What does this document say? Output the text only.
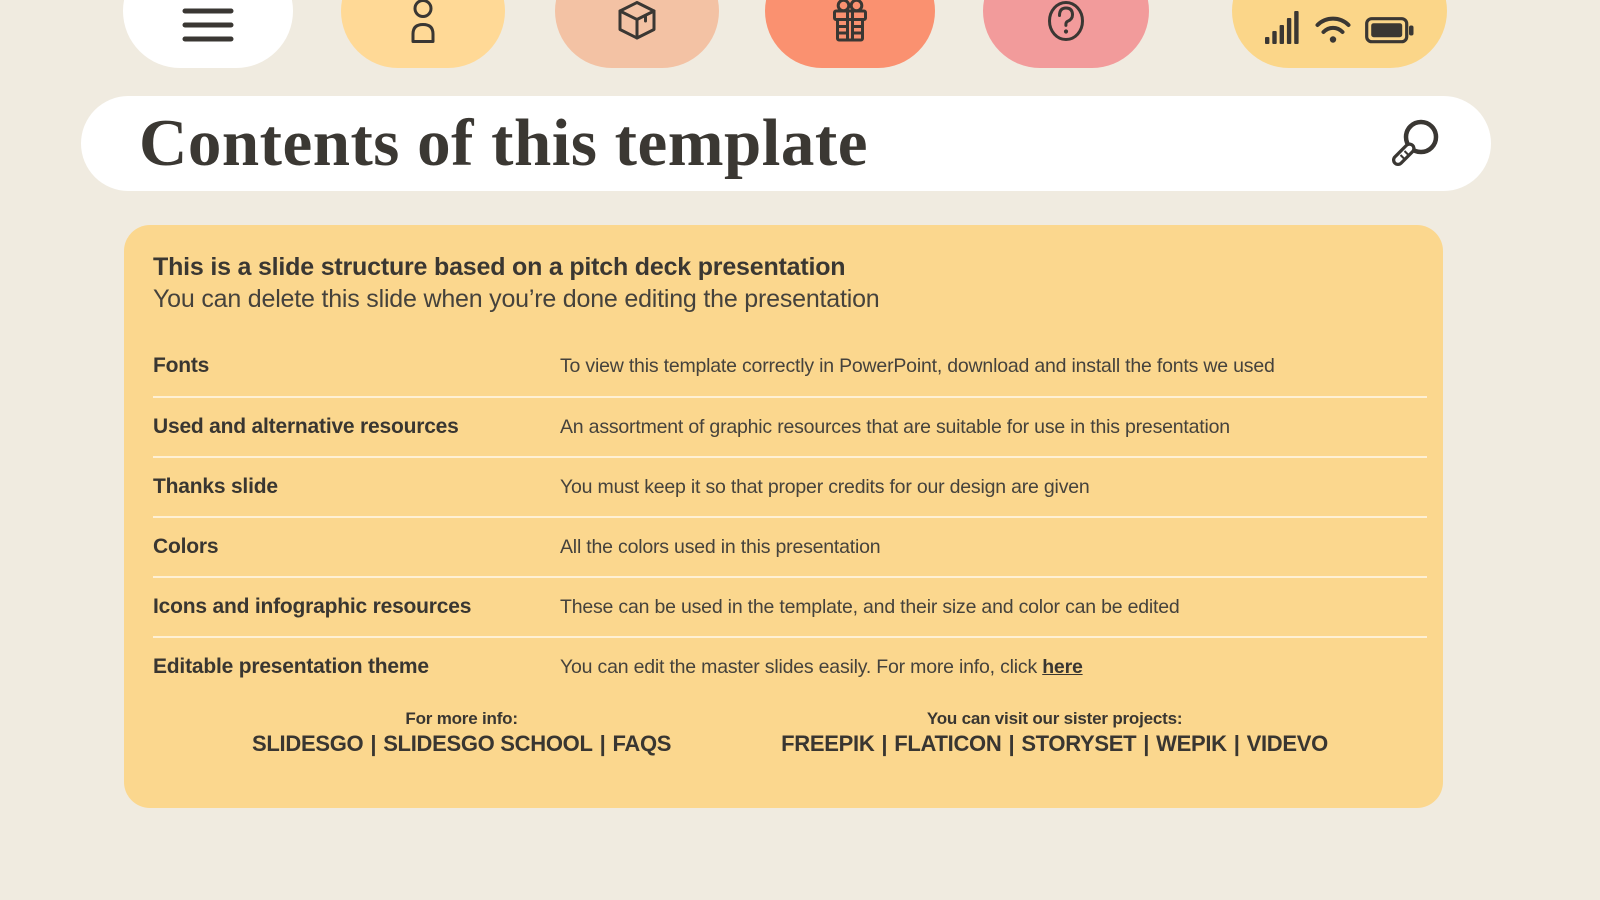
Contents of this template

This is a slide structure based on a pitch deck presentation

You can delete this slide when you’re done editing the presentation

Fonts	To view this template correctly in PowerPoint, download and install the fonts we used
Used and alternative resources	An assortment of graphic resources that are suitable for use in this presentation
Thanks slide	You must keep it so that proper credits for our design are given
Colors	All the colors used in this presentation
Icons and infographic resources	These can be used in the template, and their size and color can be edited
Editable presentation theme	You can edit the master slides easily. For more info, click here

For more info:

SLIDESGO | SLIDESGO SCHOOL | FAQS

You can visit our sister projects:

FREEPIK | FLATICON | STORYSET | WEPIK | VIDEVO
